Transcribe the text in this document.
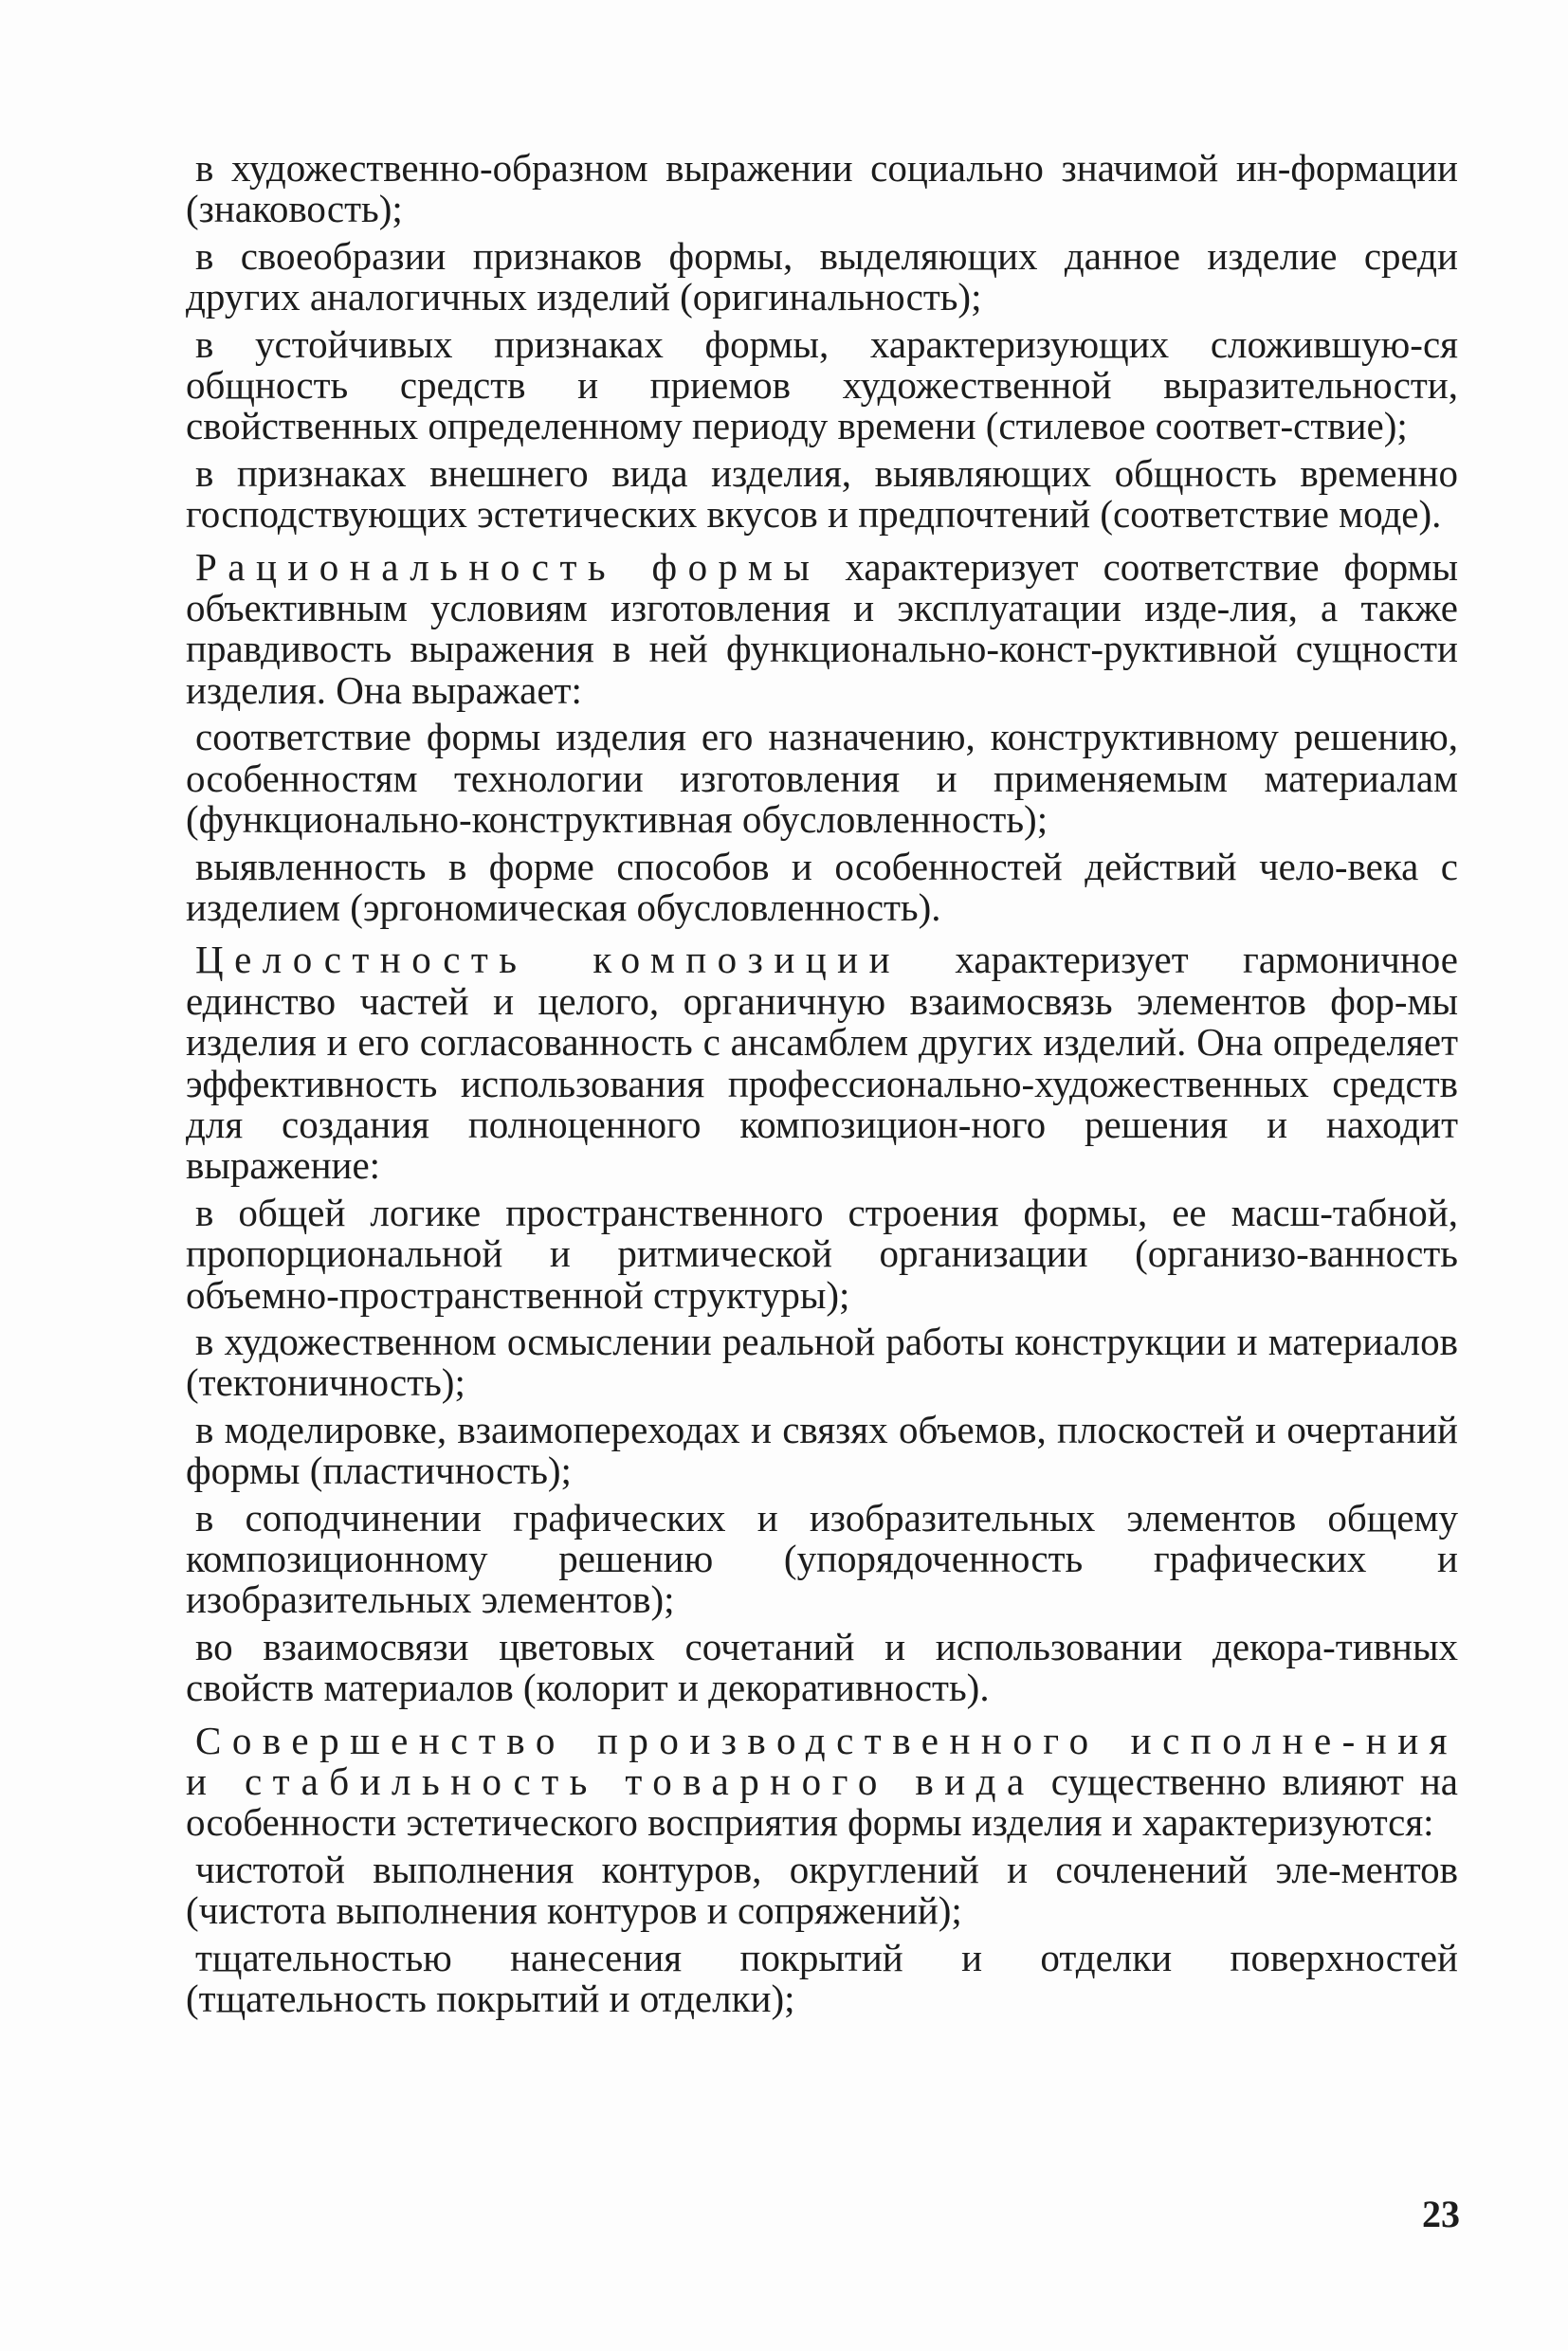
в художественно-образном выражении социально значимой ин-формации (знаковость);

в своеобразии признаков формы, выделяющих данное изделие среди других аналогичных изделий (оригинальность);

в устойчивых признаках формы, характеризующих сложившую-ся общность средств и приемов художественной выразительности, свойственных определенному периоду времени (стилевое соответ-ствие);

в признаках внешнего вида изделия, выявляющих общность временно господствующих эстетических вкусов и предпочтений (соответствие моде).

Рациональность формы характеризует соответствие формы объективным условиям изготовления и эксплуатации изде-лия, а также правдивость выражения в ней функционально-конст-руктивной сущности изделия. Она выражает:

соответствие формы изделия его назначению, конструктивному решению, особенностям технологии изготовления и применяемым материалам (функционально-конструктивная обусловленность);

выявленность в форме способов и особенностей действий чело-века с изделием (эргономическая обусловленность).

Целостность композиции характеризует гармоничное единство частей и целого, органичную взаимосвязь элементов фор-мы изделия и его согласованность с ансамблем других изделий. Она определяет эффективность использования профессионально-художественных средств для создания полноценного композицион-ного решения и находит выражение:

в общей логике пространственного строения формы, ее масш-табной, пропорциональной и ритмической организации (организо-ванность объемно-пространственной структуры);

в художественном осмыслении реальной работы конструкции и материалов (тектоничность);

в моделировке, взаимопереходах и связях объемов, плоскостей и очертаний формы (пластичность);

в соподчинении графических и изобразительных элементов общему композиционному решению (упорядоченность графических и изобразительных элементов);

во взаимосвязи цветовых сочетаний и использовании декора-тивных свойств материалов (колорит и декоративность).

Совершенство производственного исполне-ния и стабильность товарного вида существенно влияют на особенности эстетического восприятия формы изделия и характеризуются:

чистотой выполнения контуров, округлений и сочленений эле-ментов (чистота выполнения контуров и сопряжений);

тщательностью нанесения покрытий и отделки поверхностей (тщательность покрытий и отделки);

23
